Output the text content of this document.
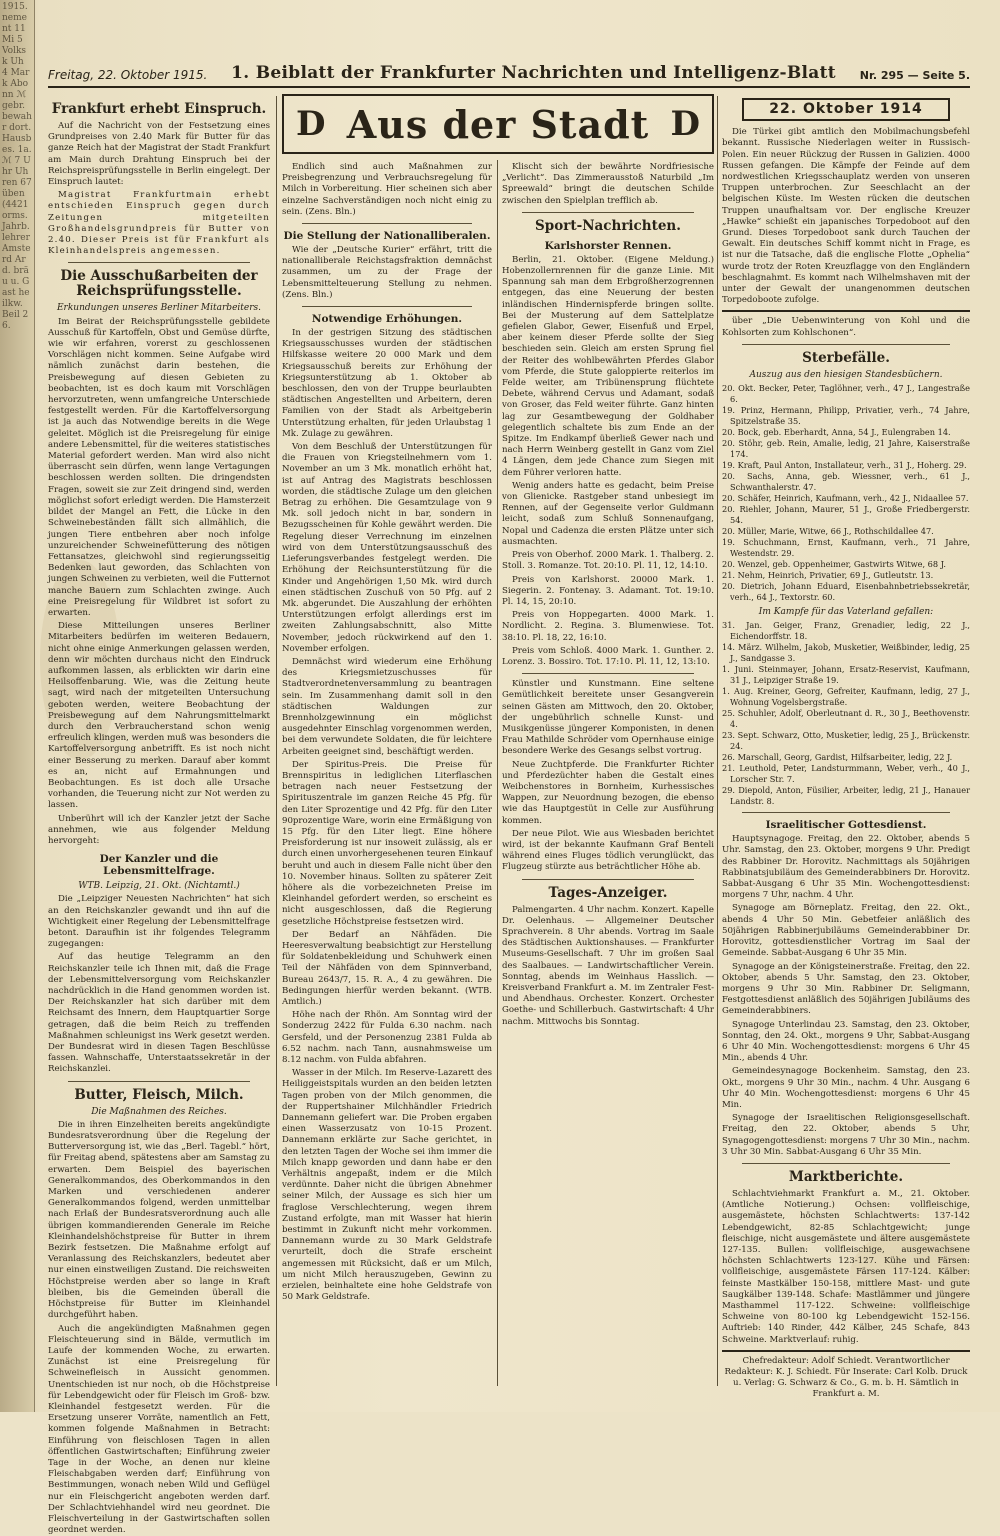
1915. nement 11 Mi 5 Volks k Uh 4 Mark Abonn ℳ gebr. bewahr dort. Hausbes. 1a. ℳ 7 Uhr Uhren 67 üben (4421 orms. Jahrb. lehrer Amsterd Ard. bräu u. Gast heilkw. Beil 26.
Freitag, 22. Oktober 1915. 1. Beiblatt der Frankfurter Nachrichten und Intelligenz-Blatt Nr. 295 — Seite 5.
Frankfurt erhebt Einspruch.

Auf die Nachricht von der Festsetzung eines Grundpreises von 2.40 Mark für Butter für das ganze Reich hat der Magistrat der Stadt Frankfurt am Main durch Drahtung Einspruch bei der Reichspreisprüfungsstelle in Berlin eingelegt. Der Einspruch lautet:

Magistrat Frankfurtmain erhebt entschieden Einspruch gegen durch Zeitungen mitgeteilten Großhandelsgrundpreis für Butter von 2.40. Dieser Preis ist für Frankfurt als Kleinhandelspreis angemessen.

Die Ausschußarbeiten der Reichsprüfungsstelle.
Erkundungen unseres Berliner Mitarbeiters.

Im Beirat der Reichsprüfungsstelle gebildete Ausschuß für Kartoffeln, Obst und Gemüse dürfte, wie wir erfahren, vorerst zu geschlossenen Vorschlägen nicht kommen. Seine Aufgabe wird nämlich zunächst darin bestehen, die Preisbewegung auf diesen Gebieten zu beobachten, ist es doch kaum mit Vorschlägen hervorzutreten, wenn umfangreiche Unterschiede festgestellt werden. Für die Kartoffelversorgung ist ja auch das Notwendige bereits in die Wege geleitet. Möglich ist die Preisregelung für einige andere Lebensmittel, für die weiteres statistisches Material gefordert werden. Man wird also nicht überrascht sein dürfen, wenn lange Vertagungen beschlossen werden sollten. Die dringendsten Fragen, soweit sie zur Zeit dringend sind, werden möglichst sofort erledigt werden. Die Hamsterzeit bildet der Mangel an Fett, die Lücke in den Schweinebeständen fällt sich allmählich, die jungen Tiere entbehren aber noch infolge unzureichender Schweinefütterung des nötigen Fettansatzes, gleichwohl sind regierungsseitig Bedenken laut geworden, das Schlachten von jungen Schweinen zu verbieten, weil die Futternot manche Bauern zum Schlachten zwinge. Auch eine Preisregelung für Wildbret ist sofort zu erwarten.

Diese Mitteilungen unseres Berliner Mitarbeiters bedürfen im weiteren Bedauern, nicht ohne einige Anmerkungen gelassen werden, denn wir möchten durchaus nicht den Eindruck aufkommen lassen, als erblickten wir darin eine Heilsoffenbarung. Wie, was die Zeitung heute sagt, wird nach der mitgeteilten Untersuchung geboten werden, weitere Beobachtung der Preisbewegung auf dem Nahrungsmittelmarkt durch den Verbraucherstand schon wenig erfreulich klingen, werden muß was besonders die Kartoffelversorgung anbetrifft. Es ist noch nicht einer Besserung zu merken. Darauf aber kommt es an, nicht auf Ermahnungen und Beobachtungen. Es ist doch alle Ursache vorhanden, die Teuerung nicht zur Not werden zu lassen.

Unberührt will ich der Kanzler jetzt der Sache annehmen, wie aus folgender Meldung hervorgeht:

Der Kanzler und die Lebensmittelfrage.
WTB. Leipzig, 21. Okt. (Nichtamtl.)

Die „Leipziger Neuesten Nachrichten“ hat sich an den Reichskanzler gewandt und ihn auf die Wichtigkeit einer Regelung der Lebensmittelfrage betont. Daraufhin ist ihr folgendes Telegramm zugegangen:

Auf das heutige Telegramm an den Reichskanzler teile ich Ihnen mit, daß die Frage der Lebensmittelversorgung vom Reichskanzler nachdrücklich in die Hand genommen worden ist. Der Reichskanzler hat sich darüber mit dem Reichsamt des Innern, dem Hauptquartier Sorge getragen, daß die beim Reich zu treffenden Maßnahmen schleunigst ins Werk gesetzt werden. Der Bundesrat wird in diesen Tagen Beschlüsse fassen. Wahnschaffe, Unterstaatssekretär in der Reichskanzlei.

Butter, Fleisch, Milch.
Die Maßnahmen des Reiches.

Die in ihren Einzelheiten bereits angekündigte Bundesratsverordnung über die Regelung der Butterversorgung ist, wie das „Berl. Tagebl.“ hört, für Freitag abend, spätestens aber am Samstag zu erwarten. Dem Beispiel des bayerischen Generalkommandos, des Oberkommandos in den Marken und verschiedenen anderer Generalkommandos folgend, werden unmittelbar nach Erlaß der Bundesratsverordnung auch alle übrigen kommandierenden Generale im Reiche Kleinhandelshöchstpreise für Butter in ihrem Bezirk festsetzen. Die Maßnahme erfolgt auf Veranlassung des Reichskanzlers, bedeutet aber nur einen einstweiligen Zustand. Die reichsweiten Höchstpreise werden aber so lange in Kraft bleiben, bis die Gemeinden überall die Höchstpreise für Butter im Kleinhandel durchgeführt haben.

Auch die angekündigten Maßnahmen gegen Fleischteuerung sind in Bälde, vermutlich im Laufe der kommenden Woche, zu erwarten. Zunächst ist eine Preisregelung für Schweinefleisch in Aussicht genommen. Unentschieden ist nur noch, ob die Höchstpreise für Lebendgewicht oder für Fleisch im Groß- bzw. Kleinhandel festgesetzt werden. Für die Ersetzung unserer Vorräte, namentlich an Fett, kommen folgende Maßnahmen in Betracht: Einführung von fleischlosen Tagen in allen öffentlichen Gastwirtschaften; Einführung zweier Tage in der Woche, an denen nur kleine Fleischabgaben werden darf; Einführung von Bestimmungen, wonach neben Wild und Geflügel nur ein Fleischgericht angeboten werden darf. Der Schlachtviehhandel wird neu geordnet. Die Fleischverteilung in der Gastwirtschaften sollen geordnet werden.

D Aus der Stadt D

Endlich sind auch Maßnahmen zur Preisbegrenzung und Verbrauchsregelung für Milch in Vorbereitung. Hier scheinen sich aber einzelne Sachverständigen noch nicht einig zu sein. (Zens. Bln.)

Die Stellung der Nationalliberalen.

Wie der „Deutsche Kurier“ erfährt, tritt die nationalliberale Reichstagsfraktion demnächst zusammen, um zu der Frage der Lebensmittelteuerung Stellung zu nehmen. (Zens. Bln.)

Notwendige Erhöhungen.

In der gestrigen Sitzung des städtischen Kriegsausschusses wurden der städtischen Hilfskasse weitere 20 000 Mark und dem Kriegsausschuß bereits zur Erhöhung der Kriegsunterstützung ab 1. Oktober ab beschlossen, den von der Truppe beurlaubten städtischen Angestellten und Arbeitern, deren Familien von der Stadt als Arbeitgeberin Unterstützung erhalten, für jeden Urlaubstag 1 Mk. Zulage zu gewähren.

Von dem Beschluß der Unterstützungen für die Frauen von Kriegsteilnehmern vom 1. November an um 3 Mk. monatlich erhöht hat, ist auf Antrag des Magistrats beschlossen worden, die städtische Zulage um den gleichen Betrag zu erhöhen. Die Gesamtzulage von 9 Mk. soll jedoch nicht in bar, sondern in Bezugsscheinen für Kohle gewährt werden. Die Regelung dieser Verrechnung im einzelnen wird von dem Unterstützungsausschuß des Lieferungsverbandes festgelegt werden. Die Erhöhung der Reichsunterstützung für die Kinder und Angehörigen 1,50 Mk. wird durch einen städtischen Zuschuß von 50 Pfg. auf 2 Mk. abgerundet. Die Auszahlung der erhöhten Unterstützungen erfolgt allerdings erst im zweiten Zahlungsabschnitt, also Mitte November, jedoch rückwirkend auf den 1. November erfolgen.

Demnächst wird wiederum eine Erhöhung des Kriegsmietzuschusses für Stadtverordnetenversammlung zu beantragen sein. Im Zusammenhang damit soll in den städtischen Waldungen zur Brennholzgewinnung ein möglichst ausgedehnter Einschlag vorgenommen werden, bei dem verwundete Soldaten, die für leichtere Arbeiten geeignet sind, beschäftigt werden.

Der Spiritus-Preis. Die Preise für Brennspiritus in lediglichen Literflaschen betragen nach neuer Festsetzung der Spirituszentrale im ganzen Reiche 45 Pfg. für den Liter Sprozentige und 42 Pfg. für den Liter 90prozentige Ware, worin eine Ermäßigung von 15 Pfg. für den Liter liegt. Eine höhere Preisforderung ist nur insoweit zulässig, als er durch einen unvorhergesehenen teuren Einkauf beruht und auch in diesem Falle nicht über den 10. November hinaus. Sollten zu späterer Zeit höhere als die vorbezeichneten Preise im Kleinhandel gefordert werden, so erscheint es nicht ausgeschlossen, daß die Regierung gesetzliche Höchstpreise festsetzen wird.

Der Bedarf an Nähfäden. Die Heeresverwaltung beabsichtigt zur Herstellung für Soldatenbekleidung und Schuhwerk einen Teil der Nähfäden von dem Spinnverband, Bureau 2643/7, 15. R. A., 4 zu gewähren. Die Bedingungen hierfür werden bekannt. (WTB. Amtlich.)

Höhe nach der Rhön. Am Sonntag wird der Sonderzug 2422 für Fulda 6.30 nachm. nach Gersfeld, und der Personenzug 2381 Fulda ab 6.52 nachm. nach Tann, ausnahmsweise um 8.12 nachm. von Fulda abfahren.

Wasser in der Milch. Im Reserve-Lazarett des Heiliggeistspitals wurden an den beiden letzten Tagen proben von der Milch genommen, die der Ruppertshainer Milchhändler Friedrich Dannemann geliefert war. Die Proben ergaben einen Wasserzusatz von 10-15 Prozent. Dannemann erklärte zur Sache gerichtet, in den letzten Tagen der Woche sei ihm immer die Milch knapp geworden und dann habe er den Verhältnis angepaßt, indem er die Milch verdünnte. Daher nicht die übrigen Abnehmer seiner Milch, der Aussage es sich hier um fraglose Verschlechterung, wegen ihrem Zustand erfolgte, man mit Wasser hat hierin bestimmt in Zukunft nicht mehr vorkommen. Dannemann wurde zu 30 Mark Geldstrafe verurteilt, doch die Strafe erscheint angemessen mit Rücksicht, daß er um Milch, um nicht Milch herauszugeben, Gewinn zu erzielen, beinhaltete eine hohe Geldstrafe von 50 Mark Geldstrafe.

Klischt sich der bewährte Nordfriesische „Verlicht“. Das Zimmerausstoß Naturbild „Im Spreewald“ bringt die deutschen Schilde zwischen den Spielplan trefflich ab.

Sport-Nachrichten.
Karlshorster Rennen.

Berlin, 21. Oktober. (Eigene Meldung.) Hobenzollernrennen für die ganze Linie. Mit Spannung sah man dem Erbgroßherzogrennen entgegen, das eine Neuerung der besten inländischen Hindernispferde bringen sollte. Bei der Musterung auf dem Sattelplatze gefielen Glabor, Gewer, Eisenfuß und Erpel, aber keinem dieser Pferde sollte der Sieg beschieden sein. Gleich am ersten Sprung fiel der Reiter des wohlbewährten Pferdes Glabor vom Pferde, die Stute galoppierte reiterlos im Felde weiter, am Tribünensprung flüchtete Debete, während Cervus und Adamant, sodaß von Groser, das Feld weiter führte. Ganz hinten lag zur Gesamtbewegung der Goldhaber gelegentlich schaltete bis zum Ende an der Spitze. Im Endkampf überließ Gewer nach und nach Herrn Weinberg gestellt in Ganz vom Ziel 4 Längen, dem jede Chance zum Siegen mit dem Führer verloren hatte.

Wenig anders hatte es gedacht, beim Preise von Glienicke. Rastgeber stand unbesiegt im Rennen, auf der Gegenseite verlor Guldmann leicht, sodaß zum Schluß Sonnenaufgang, Nopal und Cadenza die ersten Plätze unter sich ausmachten.

Preis von Oberhof. 2000 Mark. 1. Thalberg. 2. Stoll. 3. Romanze. Tot. 20:10. Pl. 11, 12, 14:10.

Preis von Karlshorst. 20000 Mark. 1. Siegerin. 2. Fontenay. 3. Adamant. Tot. 19:10. Pl. 14, 15, 20:10.

Preis von Hoppegarten. 4000 Mark. 1. Nordlicht. 2. Regina. 3. Blumenwiese. Tot. 38:10. Pl. 18, 22, 16:10.

Preis vom Schloß. 4000 Mark. 1. Gunther. 2. Lorenz. 3. Bossiro. Tot. 17:10. Pl. 11, 12, 13:10.

Künstler und Kunstmann. Eine seltene Gemütlichkeit bereitete unser Gesangverein seinen Gästen am Mittwoch, den 20. Oktober, der ungebührlich schnelle Kunst- und Musikgenüsse jüngerer Komponisten, in denen Frau Mathilde Schröder vom Opernhause einige besondere Werke des Gesangs selbst vortrug.

Neue Zuchtpferde. Die Frankfurter Richter und Pferdezüchter haben die Gestalt eines Weibchenstores in Bornheim, Kurhessisches Wappen, zur Neuordnung bezogen, die ebenso wie das Hauptgestüt in Celle zur Ausführung kommen.

Der neue Pilot. Wie aus Wiesbaden berichtet wird, ist der bekannte Kaufmann Graf Benteli während eines Fluges tödlich verunglückt, das Flugzeug stürzte aus beträchtlicher Höhe ab.

Tages-Anzeiger.

Palmengarten. 4 Uhr nachm. Konzert. Kapelle Dr. Oelenhaus. — Allgemeiner Deutscher Sprachverein. 8 Uhr abends. Vortrag im Saale des Städtischen Auktionshauses. — Frankfurter Museums-Gesellschaft. 7 Uhr im großen Saal des Saalbaues. — Landwirtschaftlicher Verein. Sonntag, abends im Weinhaus Hasslich. — Kreisverband Frankfurt a. M. im Zentraler Fest- und Abendhaus. Orchester. Konzert. Orchester Goethe- und Schillerbuch. Gastwirtschaft: 4 Uhr nachm. Mittwochs bis Sonntag.

22. Oktober 1914

Die Türkei gibt amtlich den Mobilmachungsbefehl bekannt. Russische Niederlagen weiter in Russisch-Polen. Ein neuer Rückzug der Russen in Galizien. 4000 Russen gefangen. Die Kämpfe der Feinde auf dem nordwestlichen Kriegsschauplatz werden von unseren Truppen unterbrochen. Zur Seeschlacht an der belgischen Küste. Im Westen rücken die deutschen Truppen unaufhaltsam vor. Der englische Kreuzer „Hawke“ schießt ein japanisches Torpedoboot auf den Grund. Dieses Torpedoboot sank durch Tauchen der Gewalt. Ein deutsches Schiff kommt nicht in Frage, es ist nur die Tatsache, daß die englische Flotte „Ophelia“ wurde trotz der Roten Kreuzflagge von den Engländern beschlagnahmt. Es kommt nach Wilhelmshaven mit der unter der Gewalt der unangenommen deutschen Torpedoboote zufolge.

über „Die Uebenwinterung von Kohl und die Kohlsorten zum Kohlschonen“.

Sterbefälle.
Auszug aus den hiesigen Standesbüchern.
20. Okt. Becker, Peter, Taglöhner, verh., 47 J., Langestraße 6.
19. Prinz, Hermann, Philipp, Privatier, verh., 74 Jahre, Spitzelstraße 35.
20. Bock, geb. Eberhardt, Anna, 54 J., Eulengraben 14.
20. Stöhr, geb. Rein, Amalie, ledig, 21 Jahre, Kaiserstraße 174.
19. Kraft, Paul Anton, Installateur, verh., 31 J., Hoherg. 29.
20. Sachs, Anna, geb. Wiessner, verh., 61 J., Schwanthalerstr. 47.
20. Schäfer, Heinrich, Kaufmann, verh., 42 J., Nidaallee 57.
20. Riehler, Johann, Maurer, 51 J., Große Friedbergerstr. 54.
20. Müller, Marie, Witwe, 66 J., Rothschildallee 47.
19. Schuchmann, Ernst, Kaufmann, verh., 71 Jahre, Westendstr. 29.
20. Wenzel, geb. Oppenheimer, Gastwirts Witwe, 68 J.
21. Nehm, Heinrich, Privatier, 69 J., Gutleutstr. 13.
20. Dietrich, Johann Eduard, Eisenbahnbetriebssekretär, verh., 64 J., Textorstr. 60.
Im Kampfe für das Vaterland gefallen:
31. Jan. Geiger, Franz, Grenadier, ledig, 22 J., Eichendorffstr. 18.
14. März. Wilhelm, Jakob, Musketier, Weißbinder, ledig, 25 J., Sandgasse 3.
1. Juni. Steinmayer, Johann, Ersatz-Reservist, Kaufmann, 31 J., Leipziger Straße 19.
1. Aug. Kreiner, Georg, Gefreiter, Kaufmann, ledig, 27 J., Wohnung Vogelsbergstraße.
25. Schuhler, Adolf, Oberleutnant d. R., 30 J., Beethovenstr. 4.
23. Sept. Schwarz, Otto, Musketier, ledig, 25 J., Brückenstr. 24.
26. Marschall, Georg, Gardist, Hilfsarbeiter, ledig, 22 J.
21. Leuthold, Peter, Landsturmmann, Weber, verh., 40 J., Lorscher Str. 7.
29. Diepold, Anton, Füsilier, Arbeiter, ledig, 21 J., Hanauer Landstr. 8.
Israelitischer Gottesdienst.

Hauptsynagoge. Freitag, den 22. Oktober, abends 5 Uhr. Samstag, den 23. Oktober, morgens 9 Uhr. Predigt des Rabbiner Dr. Horovitz. Nachmittags als 50jährigen Rabbinatsjubiläum des Gemeinderabbiners Dr. Horovitz. Sabbat-Ausgang 6 Uhr 35 Min. Wochengottesdienst: morgens 7 Uhr, nachm. 4 Uhr.

Synagoge am Börneplatz. Freitag, den 22. Okt., abends 4 Uhr 50 Min. Gebetfeier anläßlich des 50jährigen Rabbinerjubiläums Gemeinderabbiner Dr. Horovitz, gottesdienstlicher Vortrag im Saal der Gemeinde. Sabbat-Ausgang 6 Uhr 35 Min.

Synagoge an der Königsteinerstraße. Freitag, den 22. Oktober, abends 5 Uhr. Samstag, den 23. Oktober, morgens 9 Uhr 30 Min. Rabbiner Dr. Seligmann, Festgottesdienst anläßlich des 50jährigen Jubiläums des Gemeinderabbiners.

Synagoge Unterlindau 23. Samstag, den 23. Oktober, Sonntag, den 24. Okt., morgens 9 Uhr, Sabbat-Ausgang 6 Uhr 40 Min. Wochengottesdienst: morgens 6 Uhr 45 Min., abends 4 Uhr.

Gemeindesynagoge Bockenheim. Samstag, den 23. Okt., morgens 9 Uhr 30 Min., nachm. 4 Uhr. Ausgang 6 Uhr 40 Min. Wochengottesdienst: morgens 6 Uhr 45 Min.

Synagoge der Israelitischen Religionsgesellschaft. Freitag, den 22. Oktober, abends 5 Uhr, Synagogengottesdienst: morgens 7 Uhr 30 Min., nachm. 3 Uhr 30 Min. Sabbat-Ausgang 6 Uhr 35 Min.

Marktberichte.

Schlachtviehmarkt Frankfurt a. M., 21. Oktober. (Amtliche Notierung.) Ochsen: vollfleischige, ausgemästete, höchsten Schlachtwerts: 137-142 Lebendgewicht, 82-85 Schlachtgewicht; junge fleischige, nicht ausgemästete und ältere ausgemästete 127-135. Bullen: vollfleischige, ausgewachsene höchsten Schlachtwerts 123-127. Kühe und Färsen: vollfleischige, ausgemästete Färsen 117-124. Kälber: feinste Mastkälber 150-158, mittlere Mast- und gute Saugkälber 139-148. Schafe: Mastlämmer und jüngere Masthammel 117-122. Schweine: vollfleischige Schweine von 80-100 kg Lebendgewicht 152-156. Auftrieb: 140 Rinder, 442 Kälber, 245 Schafe, 843 Schweine. Marktverlauf: ruhig.

Chefredakteur: Adolf Schiedt. Verantwortlicher Redakteur: K. J. Schiedt. Für Inserate: Carl Kolb. Druck u. Verlag: G. Schwarz & Co., G. m. b. H. Sämtlich in Frankfurt a. M.
